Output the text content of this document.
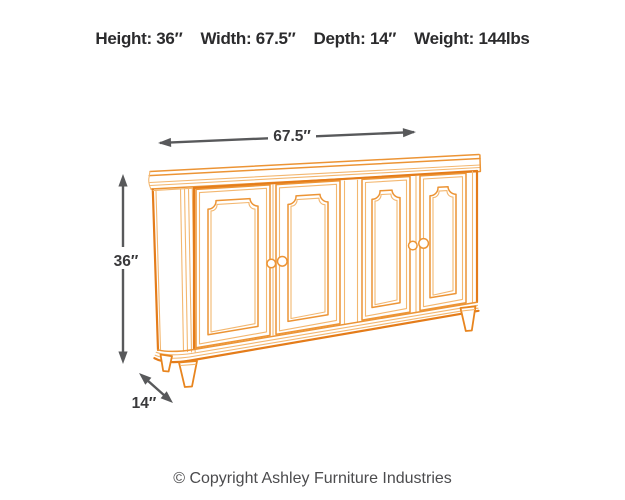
Height: 36″ Width: 67.5″ Depth: 14″ Weight: 144lbs
67.5″
36″
14″
© Copyright Ashley Furniture Industries
